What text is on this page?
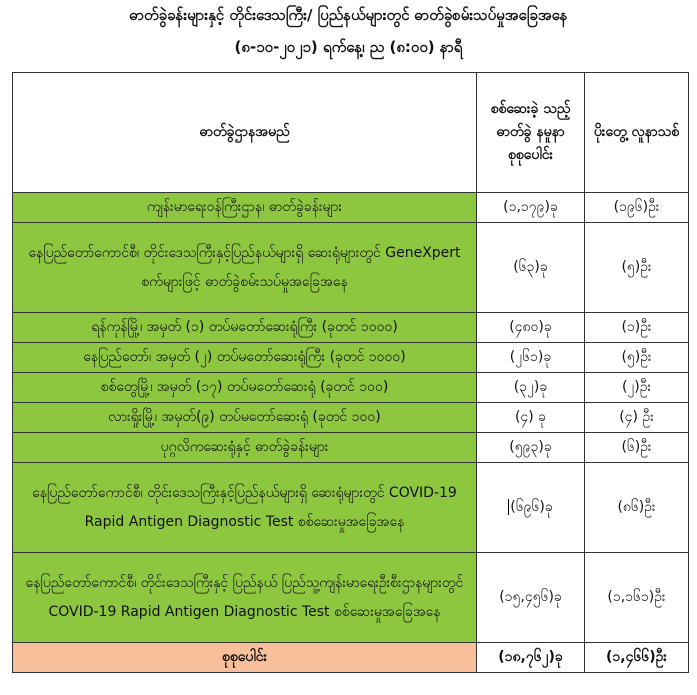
ဓာတ်ခွဲခန်းများနှင့် တိုင်းဒေသကြီး/ ပြည်နယ်များတွင် ဓာတ်ခွဲစမ်းသပ်မှုအခြေအနေ
(၈-၁၀-၂၀၂၁) ရက်နေ့၊ ည (၈:၀၀) နာရီ
ဓာတ်ခွဲဌာနအမည်	စစ်ဆေးခဲ့ သည့် ဓာတ်ခွဲ နမူနာ စုစုပေါင်း	ပိုးတွေ့ လူနာသစ်
ကျန်းမာရေးဝန်ကြီးဌာန၊ ဓာတ်ခွဲခန်းများ	(၁,၁၇၉)ခု	(၁၉၆)ဦး
နေပြည်တော်ကောင်စီ၊ တိုင်းဒေသကြီးနှင့်ပြည်နယ်များရှိ ဆေးရုံများတွင် GeneXpert စက်များဖြင့် ဓာတ်ခွဲစမ်းသပ်မှုအခြေအနေ	(၆၃)ခု	(၅)ဦး
ရန်ကုန်မြို့၊ အမှတ် (၁) တပ်မတော်ဆေးရုံကြီး (ခုတင် ၁၀၀၀)	(၄၈၀)ခု	(၁)ဦး
နေပြည်တော်၊ အမှတ် (၂) တပ်မတော်ဆေးရုံကြီး (ခုတင် ၁၀၀၀)	(၂၆၁)ခု	(၅)ဦး
စစ်တွေမြို့၊ အမှတ် (၁၇) တပ်မတော်ဆေးရုံ (ခုတင် ၁၀၀)	(၃၂)ခု	(၂)ဦး
လားရှိုးမြို့၊ အမှတ်(၉) တပ်မတော်ဆေးရုံ (ခုတင် ၁၀၀)	(၄) ခု	(၄) ဦး
ပုဂ္ဂလိကဆေးရုံနှင့် ဓာတ်ခွဲခန်းများ	(၅၉၃)ခု	(၆)ဦး
နေပြည်တော်ကောင်စီ၊ တိုင်းဒေသကြီးနှင့်ပြည်နယ်များရှိ ဆေးရုံများတွင် COVID-19 Rapid Antigen Diagnostic Test စစ်ဆေးမှုအခြေအနေ	(၆၉၆)ခု	(၈၆)ဦး
နေပြည်တော်ကောင်စီ၊ တိုင်းဒေသကြီးနှင့် ပြည်နယ် ပြည်သူ့ကျန်းမာရေးဦးစီးဌာနများတွင် COVID-19 Rapid Antigen Diagnostic Test စစ်ဆေးမှုအခြေအနေ	(၁၅,၄၅၆)ခု	(၁,၁၆၁)ဦး
စုစုပေါင်း	(၁၈,၇၆၂)ခု	(၁,၄၆၆)ဦး
